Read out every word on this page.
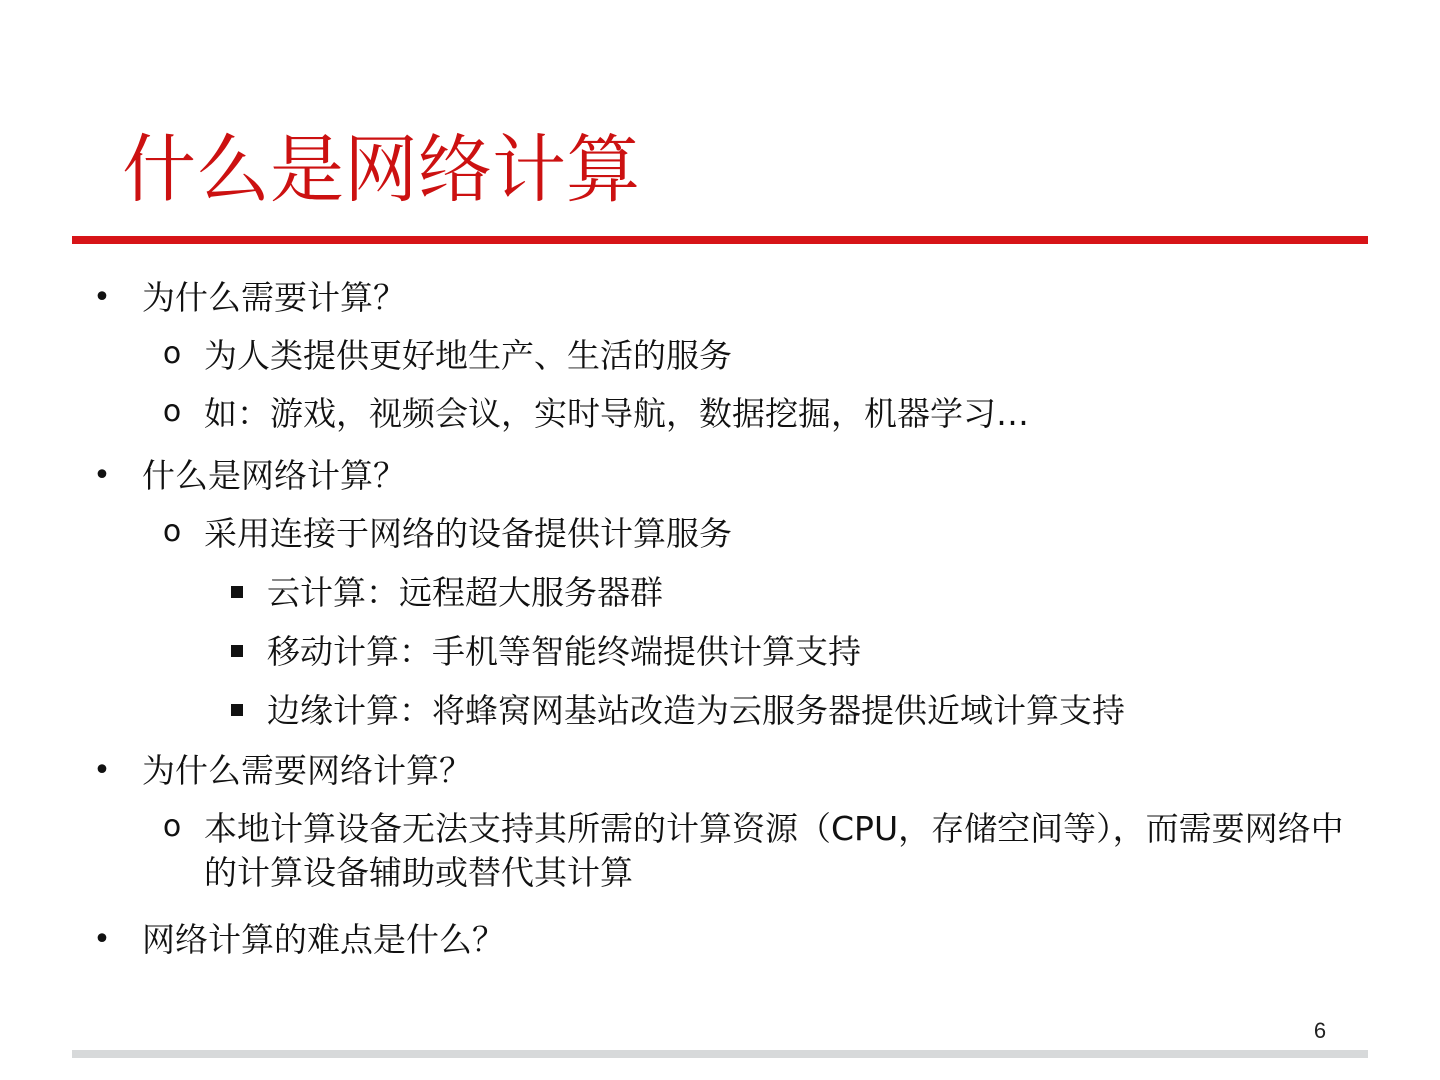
什么是网络计算
• 为什么需要计算？
o 为人类提供更好地生产、生活的服务
o 如：游戏，视频会议，实时导航，数据挖掘，机器学习…
• 什么是网络计算？
o 采用连接于网络的设备提供计算服务
云计算：远程超大服务器群
移动计算：手机等智能终端提供计算支持
边缘计算：将蜂窝网基站改造为云服务器提供近域计算支持
• 为什么需要网络计算？
o 本地计算设备无法支持其所需的计算资源（CPU，存储空间等），而需要网络中的计算设备辅助或替代其计算
• 网络计算的难点是什么？
6
